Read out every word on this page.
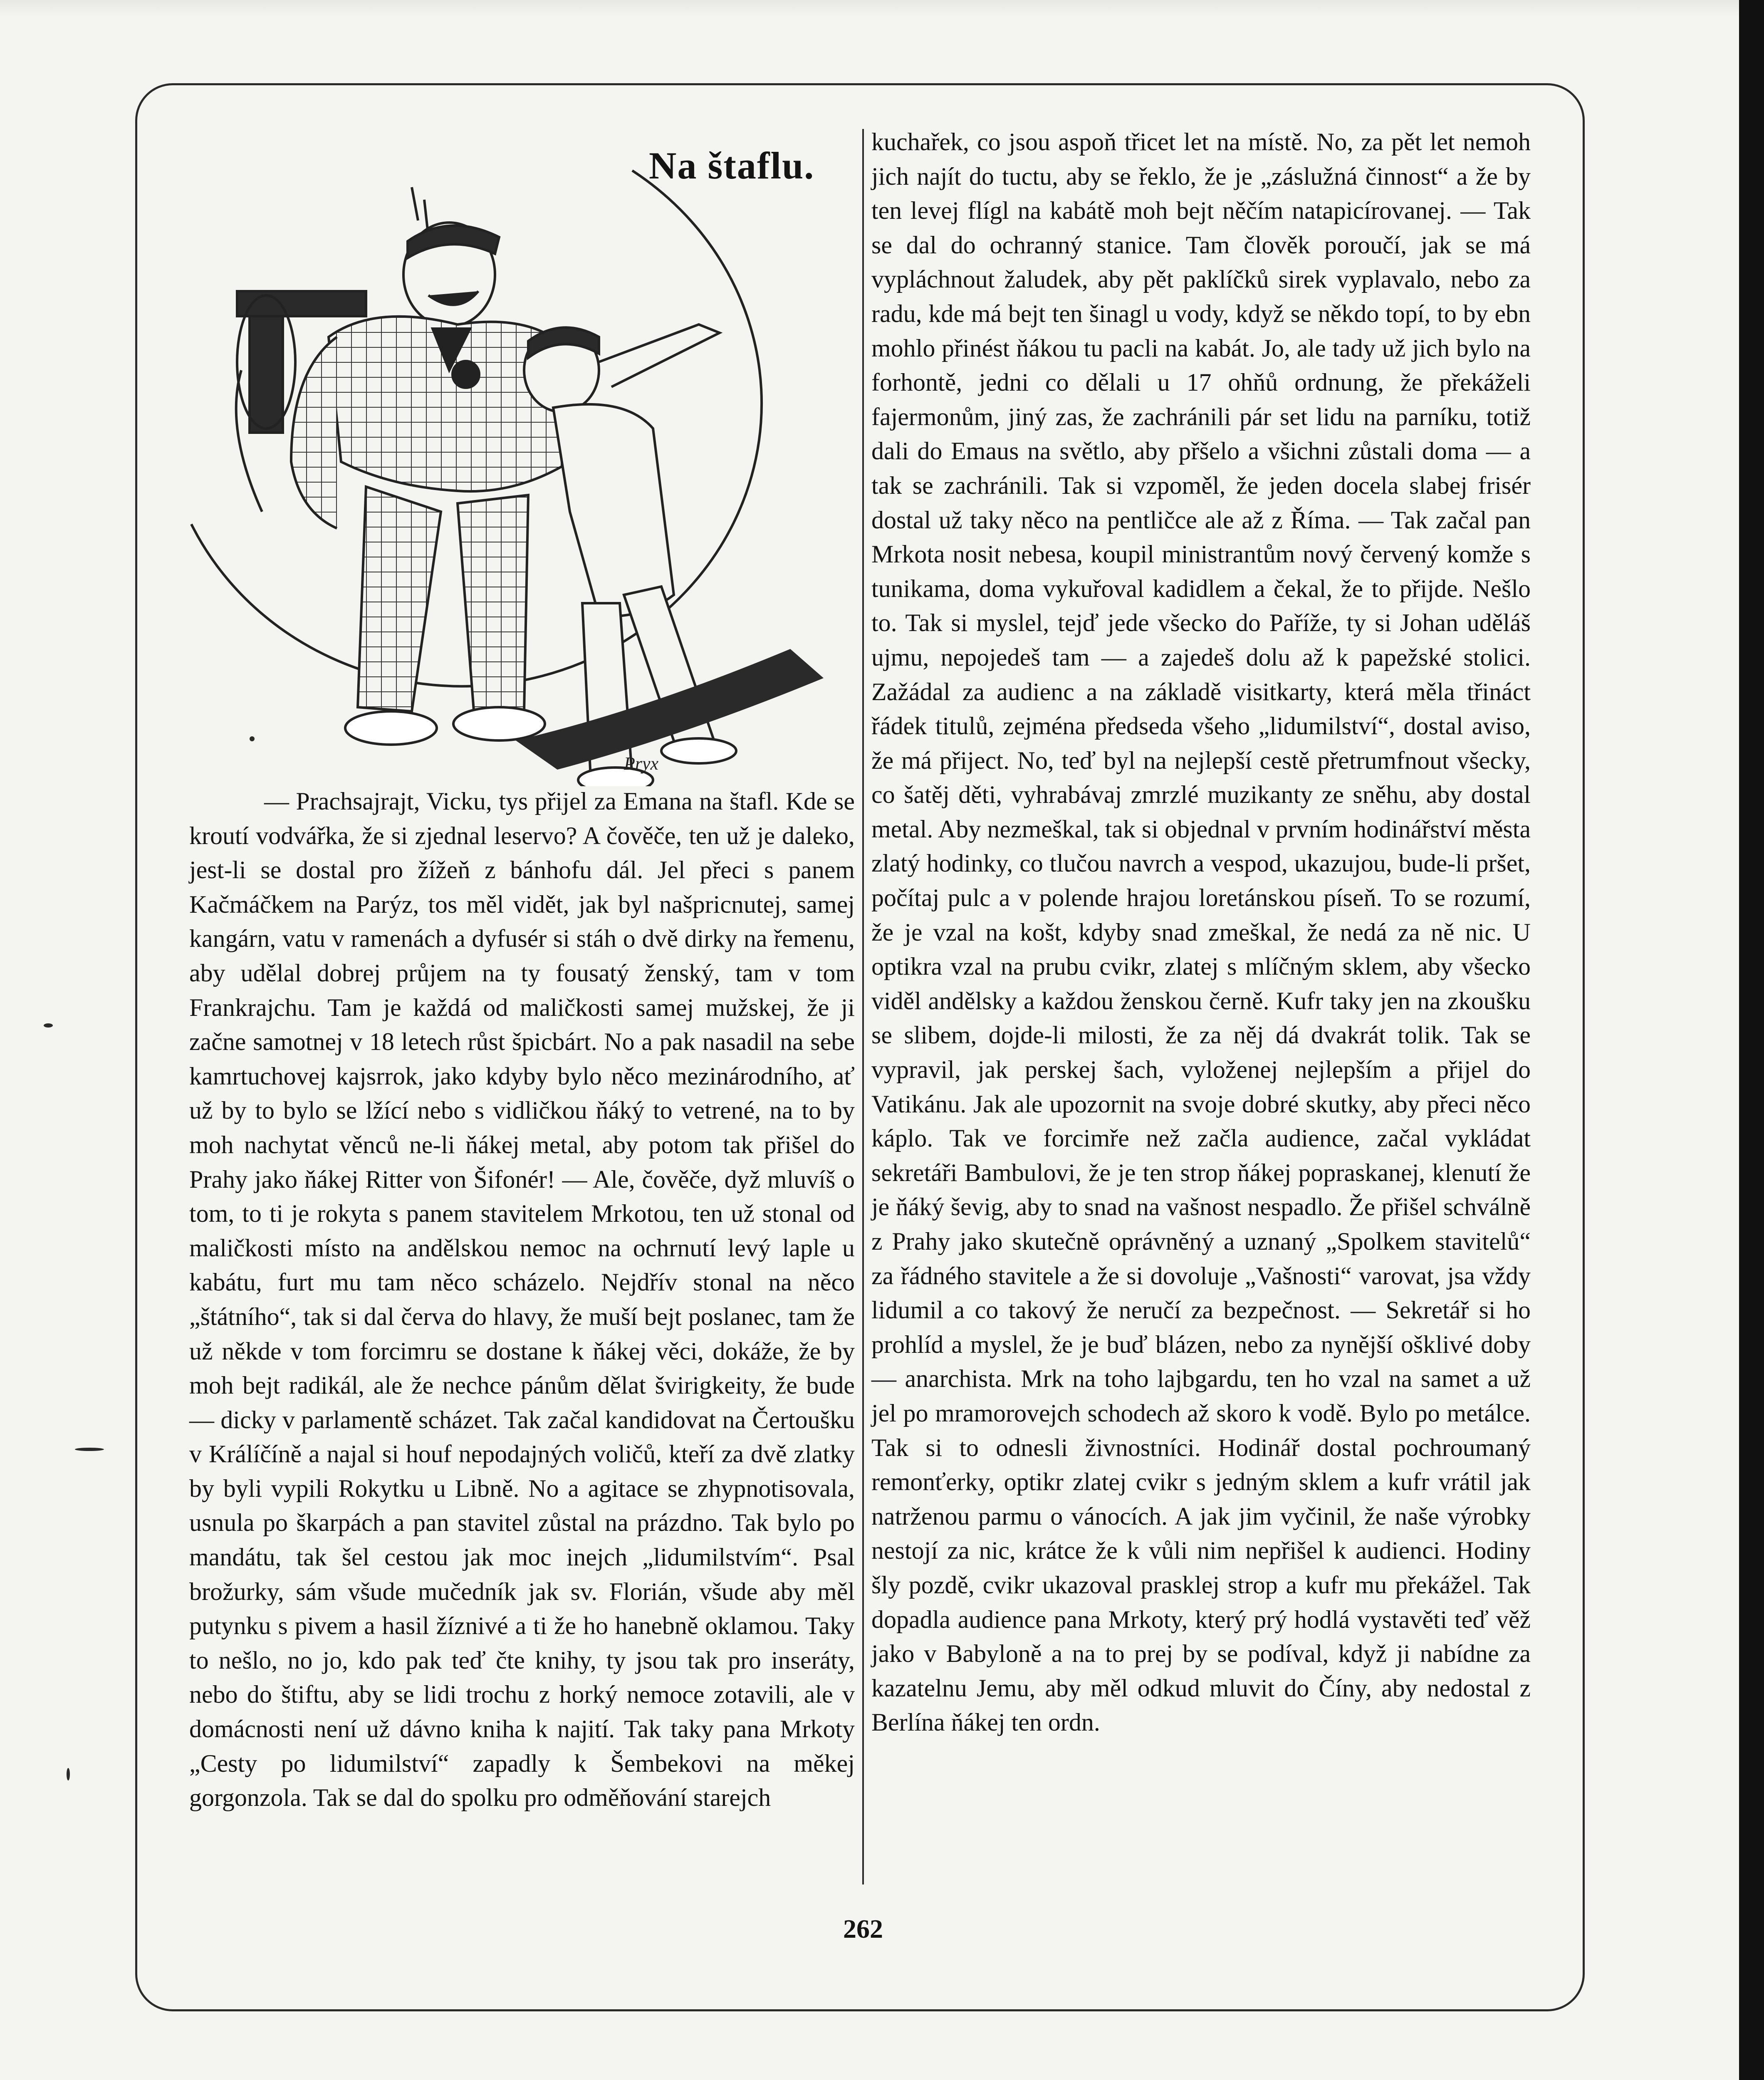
Pryx
Na štaflu.

— Prachsajrajt, Vicku, tys přijel za Emana na štafl. Kde se kroutí vodvářka, že si zjednal leservo? A čověče, ten už je daleko, jest-li se dostal pro žížeň z bánhofu dál. Jel přeci s panem Kačmáčkem na Parýz, tos měl vidět, jak byl našpricnutej, samej kangárn, vatu v ramenách a dyfusér si stáh o dvě dirky na řemenu, aby udělal dobrej průjem na ty fousatý ženský, tam v tom Frankrajchu. Tam je každá od maličkosti samej mužskej, že ji začne samotnej v 18 letech růst špicbárt. No a pak nasadil na sebe kamrtuchovej kajsrrok, jako kdyby bylo něco mezinárodního, ať už by to bylo se lžící nebo s vidličkou ňáký to vetrené, na to by moh nachytat věnců ne-li ňákej metal, aby potom tak přišel do Prahy jako ňákej Ritter von Šifonér! — Ale, čověče, dyž mluvíš o tom, to ti je rokyta s panem stavitelem Mrkotou, ten už stonal od maličkosti místo na andělskou nemoc na ochrnutí levý laple u kabátu, furt mu tam něco scházelo. Nejdřív stonal na něco „štátního“, tak si dal červa do hlavy, že muší bejt poslanec, tam že už někde v tom forcimru se dostane k ňákej věci, dokáže, že by moh bejt radikál, ale že nechce pánům dělat švirigkeity, že bude — dicky v parlamentě scházet. Tak začal kandidovat na Čertoušku v Králíčíně a najal si houf nepodajných voličů, kteří za dvě zlatky by byli vypili Rokytku u Libně. No a agitace se zhypnotisovala, usnula po škarpách a pan stavitel zůstal na prázdno. Tak bylo po mandátu, tak šel cestou jak moc inejch „lidumilstvím“. Psal brožurky, sám všude mučedník jak sv. Florián, všude aby měl putynku s pivem a hasil žíznivé a ti že ho hanebně oklamou. Taky to nešlo, no jo, kdo pak teď čte knihy, ty jsou tak pro inseráty, nebo do štiftu, aby se lidi trochu z horký nemoce zotavili, ale v domácnosti není už dávno kniha k najití. Tak taky pana Mrkoty „Cesty po lidumilství“ zapadly k Šembekovi na měkej gorgonzola. Tak se dal do spolku pro odměňování starejch

kuchařek, co jsou aspoň třicet let na místě. No, za pět let nemoh jich najít do tuctu, aby se řeklo, že je „záslužná činnost“ a že by ten levej flígl na kabátě moh bejt něčím natapicírovanej. — Tak se dal do ochranný stanice. Tam člověk poroučí, jak se má vypláchnout žaludek, aby pět paklíčků sirek vyplavalo, nebo za radu, kde má bejt ten šinagl u vody, když se někdo topí, to by ebn mohlo přinést ňákou tu pacli na kabát. Jo, ale tady už jich bylo na forhontě, jedni co dělali u 17 ohňů ordnung, že překáželi fajermonům, jiný zas, že zachránili pár set lidu na parníku, totiž dali do Emaus na světlo, aby přšelo a všichni zůstali doma — a tak se zachránili. Tak si vzpoměl, že jeden docela slabej frisér dostal už taky něco na pentličce ale až z Říma. — Tak začal pan Mrkota nosit nebesa, koupil ministrantům nový červený komže s tunikama, doma vykuřoval kadidlem a čekal, že to přijde. Nešlo to. Tak si myslel, tejď jede všecko do Paříže, ty si Johan uděláš ujmu, nepojedeš tam — a zajedeš dolu až k papežské stolici. Zažádal za audienc a na základě visitkarty, která měla třináct řádek titulů, zejména předseda všeho „lidumilství“, dostal aviso, že má přiject. No, teď byl na nejlepší cestě přetrumfnout všecky, co šatěj děti, vyhrabávaj zmrzlé muzikanty ze sněhu, aby dostal metal. Aby nezmeškal, tak si objednal v prvním hodinářství města zlatý hodinky, co tlučou navrch a vespod, ukazujou, bude-li pršet, počítaj pulc a v polende hrajou loretánskou píseň. To se rozumí, že je vzal na košt, kdyby snad zmeškal, že nedá za ně nic. U optikra vzal na prubu cvikr, zlatej s mlíčným sklem, aby všecko viděl andělsky a každou ženskou černě. Kufr taky jen na zkoušku se slibem, dojde-li milosti, že za něj dá dvakrát tolik. Tak se vypravil, jak perskej šach, vyloženej nejlepším a přijel do Vatikánu. Jak ale upozornit na svoje dobré skutky, aby přeci něco káplo. Tak ve forcimře než začla audience, začal vykládat sekretáři Bambulovi, že je ten strop ňákej popraskanej, klenutí že je ňáký ševig, aby to snad na vašnost nespadlo. Že přišel schválně z Prahy jako skutečně oprávněný a uznaný „Spolkem stavitelů“ za řádného stavitele a že si dovoluje „Vašnosti“ varovat, jsa vždy lidumil a co takový že neručí za bezpečnost. — Sekretář si ho prohlíd a myslel, že je buď blázen, nebo za nynější ošklivé doby — anarchista. Mrk na toho lajbgardu, ten ho vzal na samet a už jel po mramorovejch schodech až skoro k vodě. Bylo po metálce. Tak si to odnesli živnostníci. Hodinář dostal pochroumaný remonťerky, optikr zlatej cvikr s jedným sklem a kufr vrátil jak natrženou parmu o vánocích. A jak jim vyčinil, že naše výrobky nestojí za nic, krátce že k vůli nim nepřišel k audienci. Hodiny šly pozdě, cvikr ukazoval prasklej strop a kufr mu překážel. Tak dopadla audience pana Mrkoty, který prý hodlá vystavěti teď věž jako v Babyloně a na to prej by se podíval, když ji nabídne za kazatelnu Jemu, aby měl odkud mluvit do Číny, aby nedostal z Berlína ňákej ten ordn.

262
